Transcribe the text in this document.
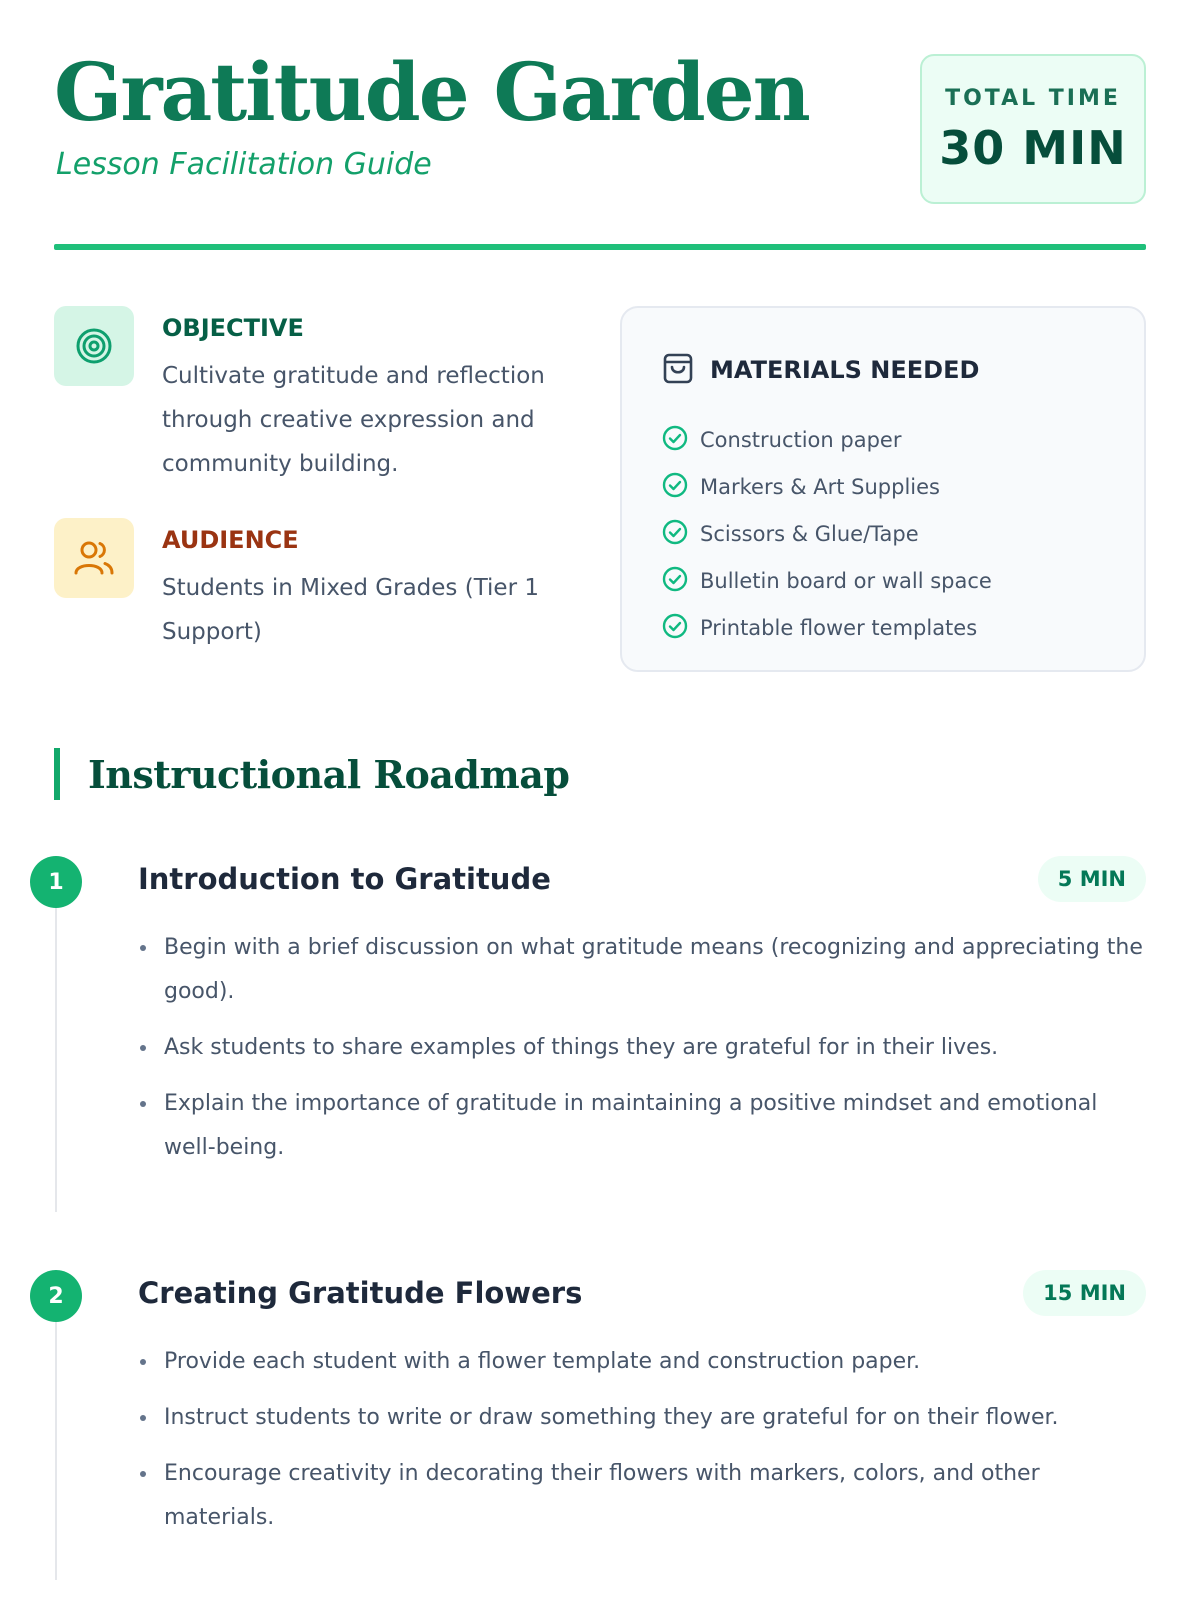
Gratitude Garden
Lesson Facilitation Guide
TOTAL TIME
30 MIN
OBJECTIVE
Cultivate gratitude and reflection through creative expression and community building.
AUDIENCE
Students in Mixed Grades (Tier 1 Support)
MATERIALS NEEDED
Construction paper
Markers & Art Supplies
Scissors & Glue/Tape
Bulletin board or wall space
Printable flower templates
Instructional Roadmap
1	Introduction to Gratitude	5 MIN
Begin with a brief discussion on what gratitude means (recognizing and appreciating the good).
Ask students to share examples of things they are grateful for in their lives.
Explain the importance of gratitude in maintaining a positive mindset and emotional well-being.
2	Creating Gratitude Flowers	15 MIN
Provide each student with a flower template and construction paper.
Instruct students to write or draw something they are grateful for on their flower.
Encourage creativity in decorating their flowers with markers, colors, and other materials.
